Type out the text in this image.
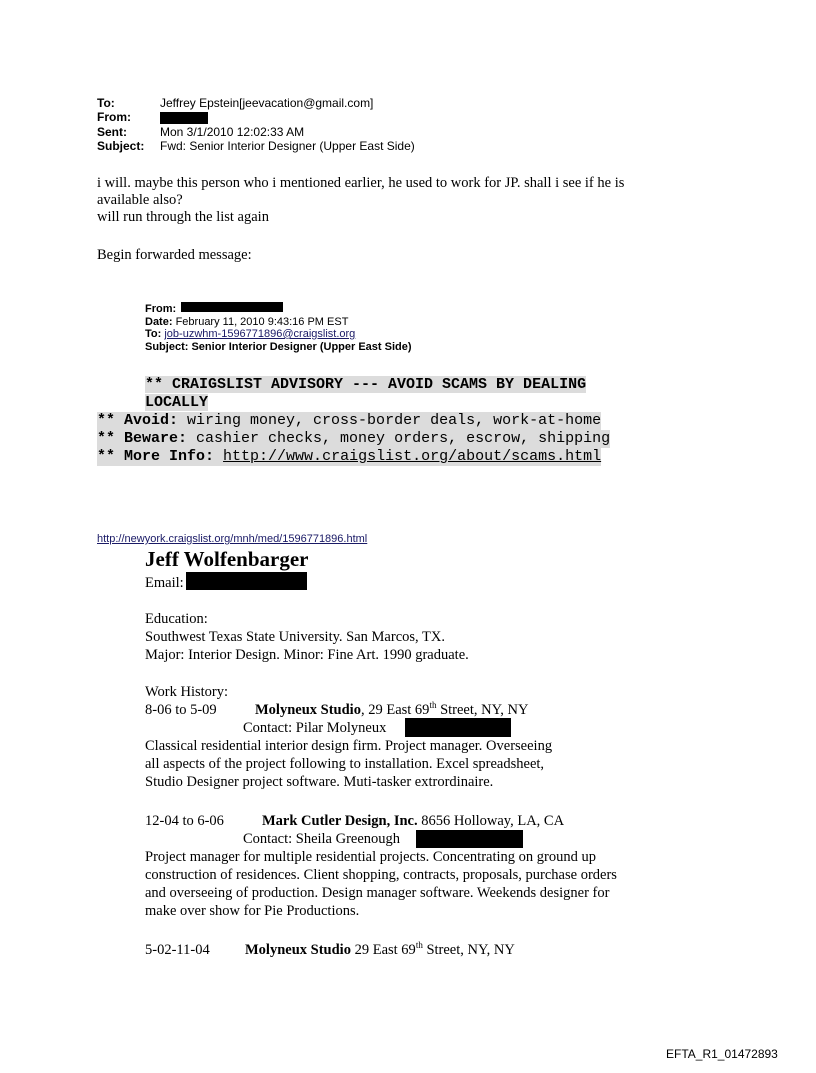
To:	Jeffrey Epstein[jeevacation@gmail.com]
From:
Sent:	Mon 3/1/2010 12:02:33 AM
Subject: Fwd: Senior Interior Designer (Upper East Side)
i will. maybe this person who i mentioned earlier, he used to work for JP. shall i see if he is
available also?
will run through the list again
Begin forwarded message:
From:
Date: February 11, 2010 9:43:16 PM EST
To: job-uzwhm-1596771896@craigslist.org
Subject: Senior Interior Designer (Upper East Side)
** CRAIGSLIST ADVISORY --- AVOID SCAMS BY DEALING
LOCALLY
** Avoid: wiring money, cross-border deals, work-at-home
** Beware: cashier checks, money orders, escrow, shipping
** More Info: http://www.craigslist.org/about/scams.html
http://newyork.craigslist.org/mnh/med/1596771896.html
Jeff Wolfenbarger
Email:
Education:
Southwest Texas State University. San Marcos, TX.
Major: Interior Design. Minor: Fine Art. 1990 graduate.
Work History:
8-06 to 5-09	Molyneux Studio, 29 East 69th Street, NY, NY
Contact: Pilar Molyneux
Classical residential interior design firm. Project manager. Overseeing
all aspects of the project following to installation. Excel spreadsheet,
Studio Designer project software. Muti-tasker extrordinaire.
12-04 to 6-06	Mark Cutler Design, Inc. 8656 Holloway, LA, CA
Contact: Sheila Greenough
Project manager for multiple residential projects. Concentrating on ground up
construction of residences. Client shopping, contracts, proposals, purchase orders
and overseeing of production. Design manager software. Weekends designer for
make over show for Pie Productions.
5-02-11-04 Molyneux Studio 29 East 69th Street, NY, NY
EFTA_R1_01472893
